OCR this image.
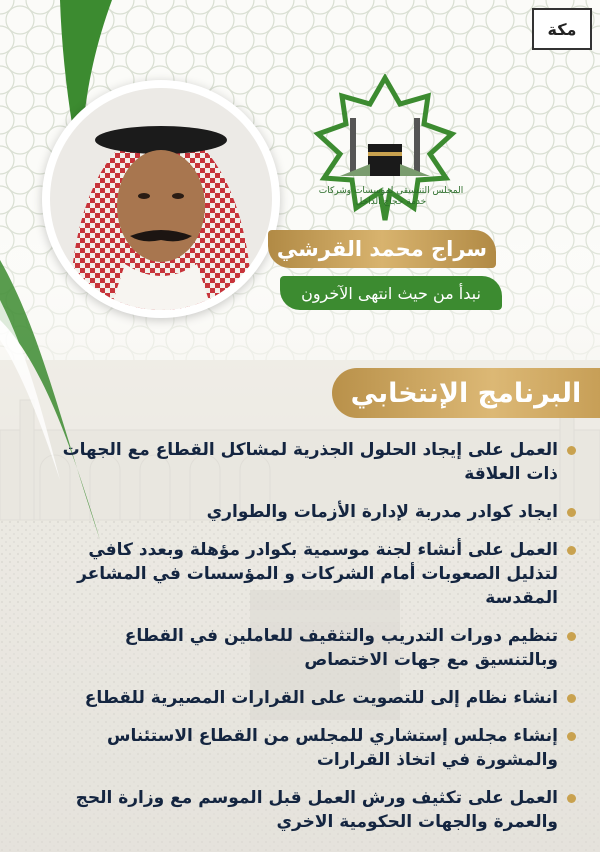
مكة
المجلس التنسيقي لمؤسسات وشركات خدمة حجاج الداخل
سراج محمد القرشي
نبدأ من حيث انتهى الآخرون
البرنامج الإنتخابي
العمل على إيجاد الحلول الجذرية لمشاكل القطاع مع الجهات ذات العلاقة
ايجاد كوادر مدربة لإدارة الأزمات والطواري
العمل على أنشاء لجنة موسمية بكوادر مؤهلة وبعدد كافي لتذليل الصعوبات أمام الشركات و المؤسسات في المشاعر المقدسة
تنظيم دورات التدريب والتثقيف للعاملين في القطاع وبالتنسيق مع جهات الاختصاص
انشاء نظام إلى للتصويت على القرارات المصيرية للقطاع
إنشاء مجلس إستشاري للمجلس من القطاع الاستئناس والمشورة في اتخاذ القرارات
العمل على تكثيف ورش العمل قبل الموسم مع وزارة الحج والعمرة والجهات الحكومية الاخري
